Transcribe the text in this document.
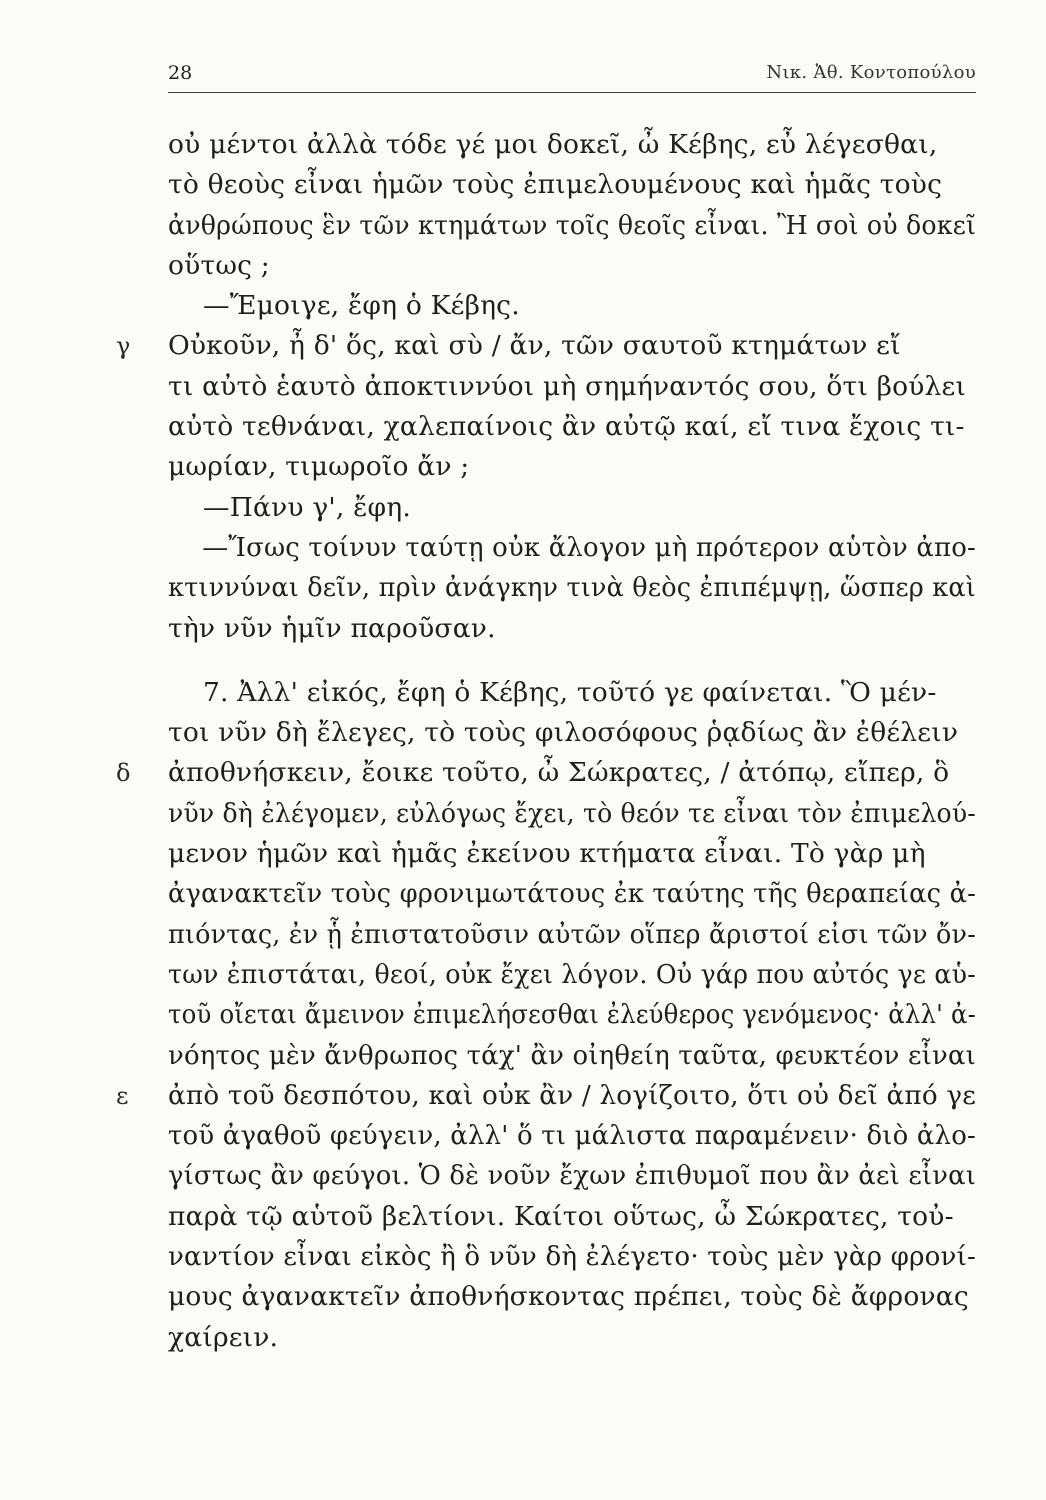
28	Νικ. Ἀθ. Κοντοπούλου
οὐ μέντοι ἀλλὰ τόδε γέ μοι δοκεῖ, ὦ Κέβης, εὖ λέγεσθαι,
τὸ θεοὺς εἶναι ἡμῶν τοὺς ἐπιμελουμένους καὶ ἡμᾶς τοὺς
ἀνθρώπους ἓν τῶν κτημάτων τοῖς θεοῖς εἶναι. Ἢ σοὶ οὐ δοκεῖ
οὕτως ;
—Ἔμοιγε, ἔφη ὁ Κέβης.
γ Οὐκοῦν, ἦ δ' ὅς, καὶ σὺ / ἄν, τῶν σαυτοῦ κτημάτων εἴ
τι αὐτὸ ἑαυτὸ ἀποκτιννύοι μὴ σημήναντός σου, ὅτι βούλει
αὐτὸ τεθνάναι, χαλεπαίνοις ἂν αὐτῷ καί, εἴ τινα ἔχοις τι-
μωρίαν, τιμωροῖο ἄν ;
—Πάνυ γ', ἔφη.
—Ἴσως τοίνυν ταύτῃ οὐκ ἄλογον μὴ πρότερον αὑτὸν ἀπο-
κτιννύναι δεῖν, πρὶν ἀνάγκην τινὰ θεὸς ἐπιπέμψῃ, ὥσπερ καὶ
τὴν νῦν ἡμῖν παροῦσαν.
7. Ἀλλ' εἰκός, ἔφη ὁ Κέβης, τοῦτό γε φαίνεται. Ὃ μέν-
τοι νῦν δὴ ἔλεγες, τὸ τοὺς φιλοσόφους ῥᾳδίως ἂν ἐθέλειν
δ ἀποθνήσκειν, ἔοικε τοῦτο, ὦ Σώκρατες, / ἀτόπῳ, εἴπερ, ὃ
νῦν δὴ ἐλέγομεν, εὐλόγως ἔχει, τὸ θεόν τε εἶναι τὸν ἐπιμελού-
μενον ἡμῶν καὶ ἡμᾶς ἐκείνου κτήματα εἶναι. Τὸ γὰρ μὴ
ἀγανακτεῖν τοὺς φρονιμωτάτους ἐκ ταύτης τῆς θεραπείας ἀ-
πιόντας, ἐν ᾗ ἐπιστατοῦσιν αὐτῶν οἵπερ ἄριστοί εἰσι τῶν ὄν-
των ἐπιστάται, θεοί, οὐκ ἔχει λόγον. Οὐ γάρ που αὐτός γε αὑ-
τοῦ οἴεται ἄμεινον ἐπιμελήσεσθαι ἐλεύθερος γενόμενος· ἀλλ' ἀ-
νόητος μὲν ἄνθρωπος τάχ' ἂν οἰηθείη ταῦτα, φευκτέον εἶναι
ε ἀπὸ τοῦ δεσπότου, καὶ οὐκ ἂν / λογίζοιτο, ὅτι οὐ δεῖ ἀπό γε
τοῦ ἀγαθοῦ φεύγειν, ἀλλ' ὅ τι μάλιστα παραμένειν· διὸ ἀλο-
γίστως ἂν φεύγοι. Ὁ δὲ νοῦν ἔχων ἐπιθυμοῖ που ἂν ἀεὶ εἶναι
παρὰ τῷ αὑτοῦ βελτίονι. Καίτοι οὕτως, ὦ Σώκρατες, τοὐ-
ναντίον εἶναι εἰκὸς ἢ ὃ νῦν δὴ ἐλέγετο· τοὺς μὲν γὰρ φρονί-
μους ἀγανακτεῖν ἀποθνήσκοντας πρέπει, τοὺς δὲ ἄφρονας
χαίρειν.
